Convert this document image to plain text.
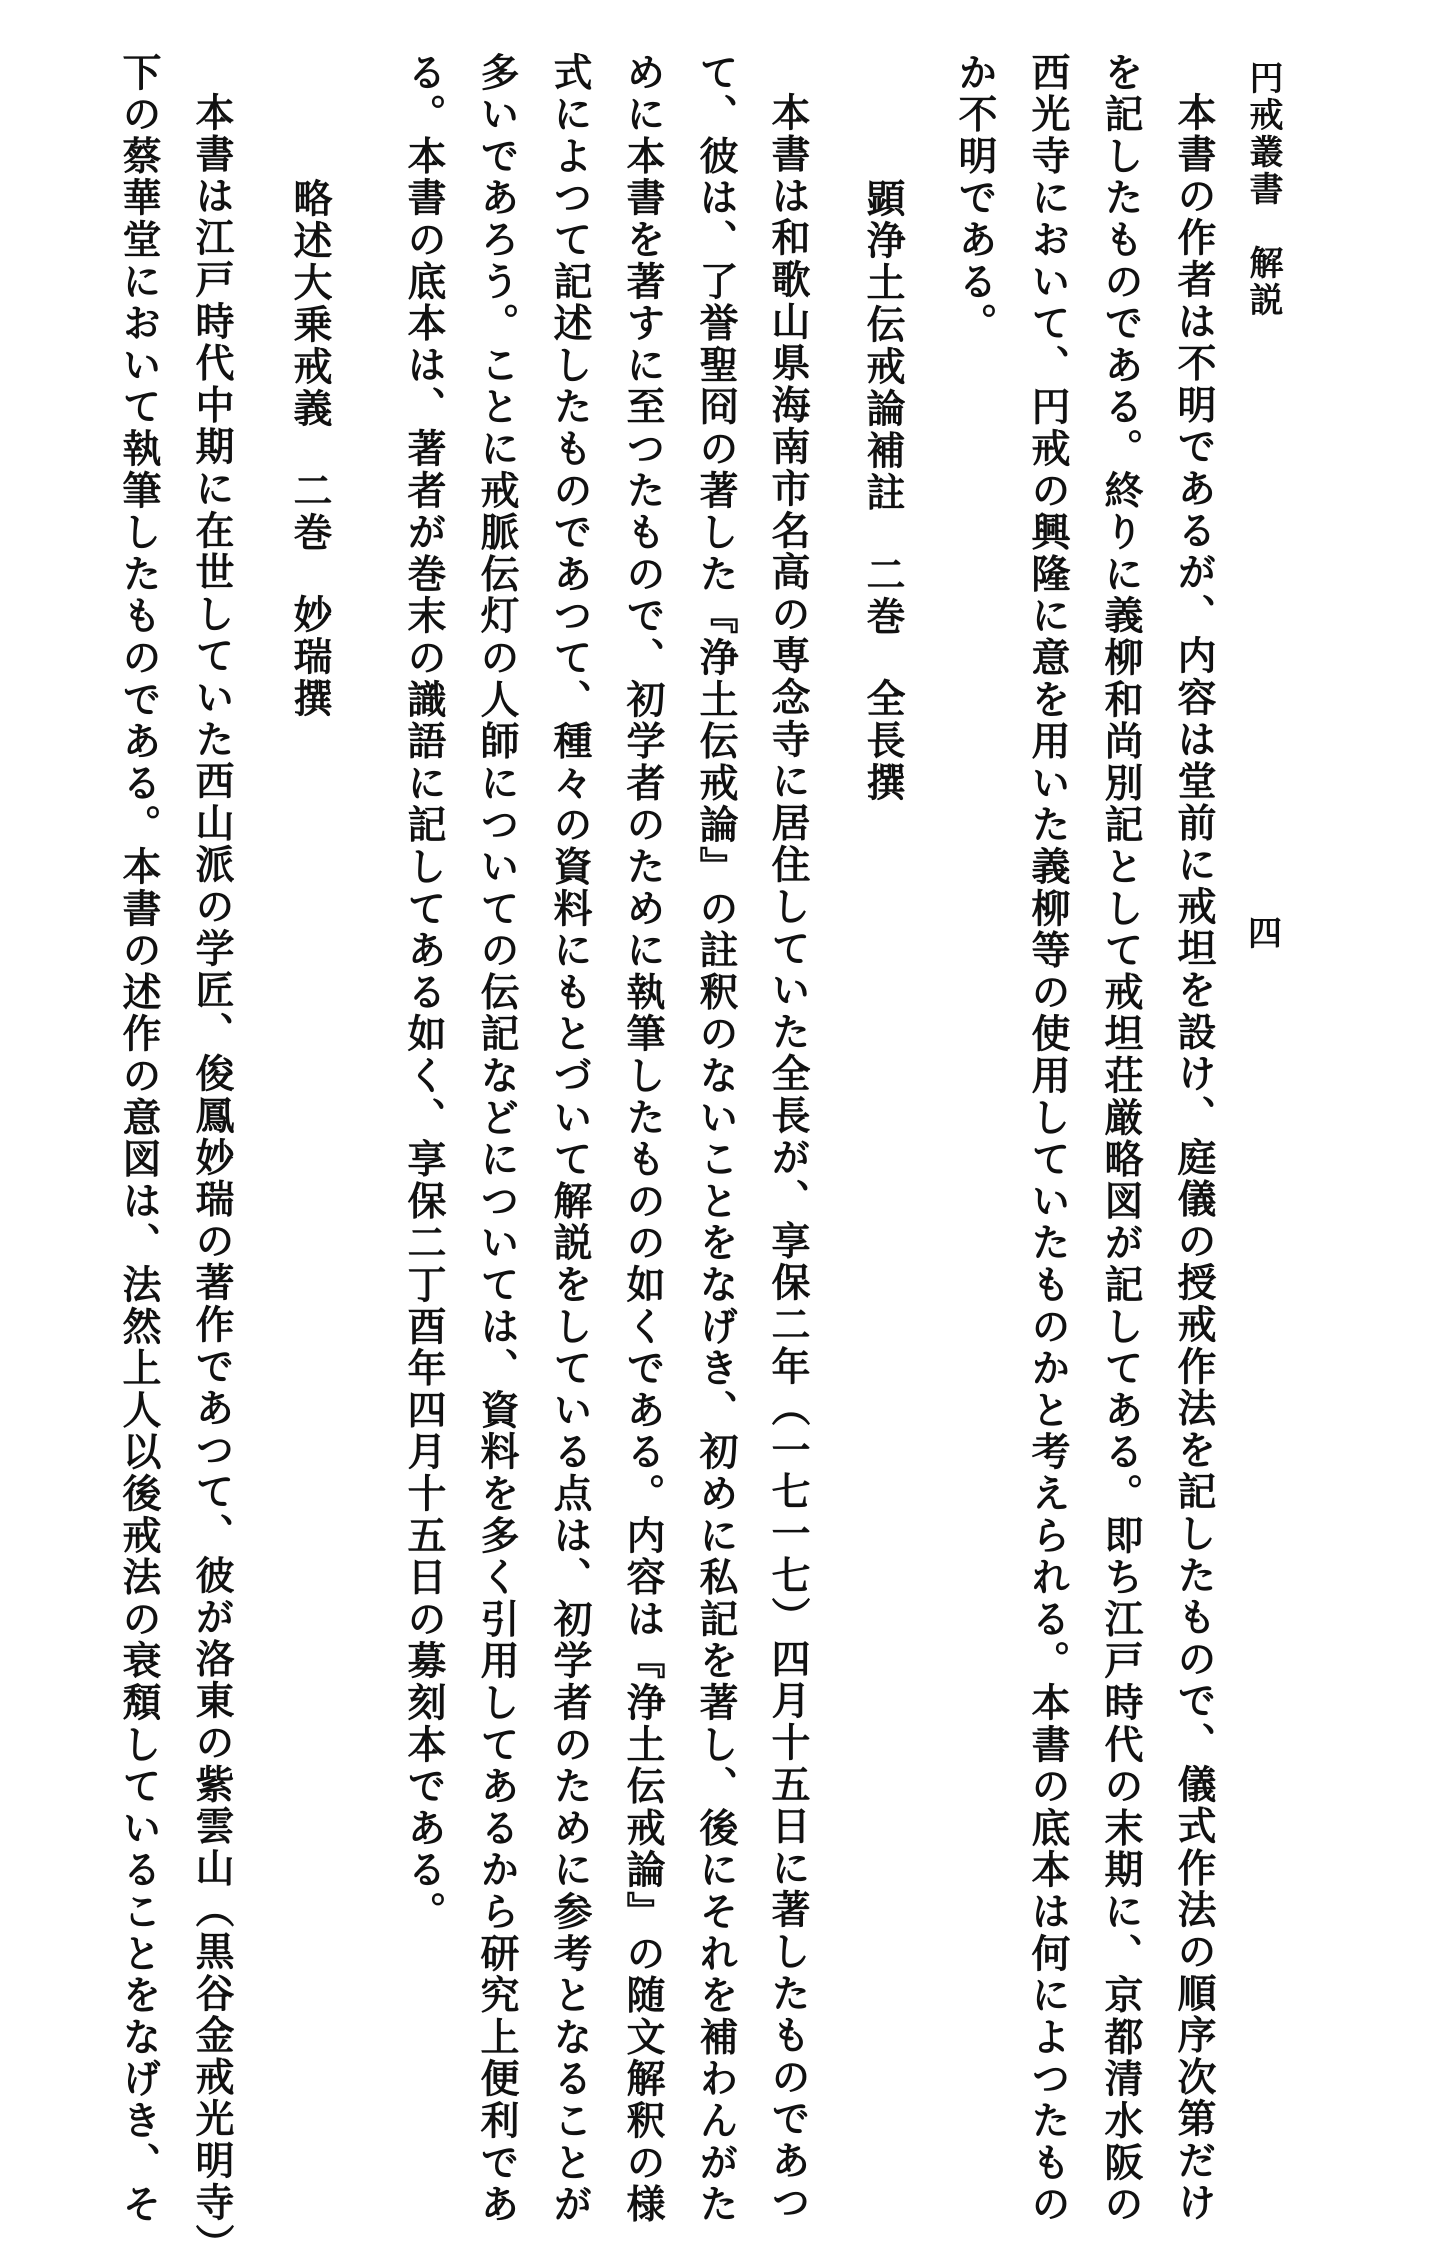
円戒叢書　解説
四
本書の作者は不明であるが、内容は堂前に戒坦を設け、庭儀の授戒作法を記したもので、儀式作法の順序次第だけ
を記したものである。終りに義柳和尚別記として戒坦荘厳略図が記してある。即ち江戸時代の末期に、京都清水阪の
西光寺において、円戒の興隆に意を用いた義柳等の使用していたものかと考えられる。本書の底本は何によつたもの
か不明である。
顕浄土伝戒論補註二巻全長撰
本書は和歌山県海南市名高の専念寺に居住していた全長が、享保二年（一七一七）四月十五日に著したものであつ
て、彼は、了誉聖冏の著した『浄土伝戒論』の註釈のないことをなげき、初めに私記を著し、後にそれを補わんがた
めに本書を著すに至つたもので、初学者のために執筆したものの如くである。内容は『浄土伝戒論』の随文解釈の様
式によつて記述したものであつて、種々の資料にもとづいて解説をしている点は、初学者のために参考となることが
多いであろう。ことに戒脈伝灯の人師についての伝記などについては、資料を多く引用してあるから研究上便利であ
る。本書の底本は、著者が巻末の識語に記してある如く、享保二丁酉年四月十五日の募刻本である。
略述大乗戒義二巻妙瑞撰
本書は江戸時代中期に在世していた西山派の学匠、俊鳳妙瑞の著作であつて、彼が洛東の紫雲山（黒谷金戒光明寺）
下の蔡華堂において執筆したものである。本書の述作の意図は、法然上人以後戒法の衰頽していることをなげき、そ
